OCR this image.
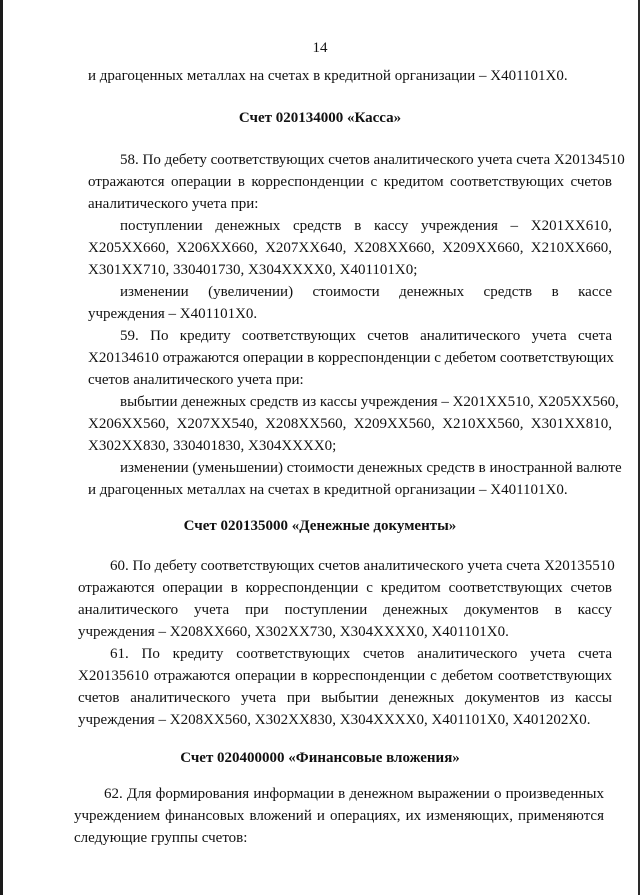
14
и драгоценных металлах на счетах в кредитной организации – Х401101Х0.
Счет 020134000 «Касса»
58. По дебету соответствующих счетов аналитического учета счета Х20134510
отражаются операции в корреспонденции с кредитом соответствующих счетов
аналитического учета при:
поступлении денежных средств в кассу учреждения – Х201ХХ610,
Х205ХХ660, Х206ХХ660, Х207ХХ640, Х208ХХ660, Х209ХХ660, Х210ХХ660,
Х301ХХ710, 330401730, Х304ХХХХ0, Х401101Х0;
изменении (увеличении) стоимости денежных средств в кассе
учреждения – Х401101Х0.
59. По кредиту соответствующих счетов аналитического учета счета
Х20134610 отражаются операции в корреспонденции с дебетом соответствующих
счетов аналитического учета при:
выбытии денежных средств из кассы учреждения – Х201ХХ510, Х205ХХ560,
Х206ХХ560, Х207ХХ540, Х208ХХ560, Х209ХХ560, Х210ХХ560, Х301ХХ810,
Х302ХХ830, 330401830, Х304ХХХХ0;
изменении (уменьшении) стоимости денежных средств в иностранной валюте
и драгоценных металлах на счетах в кредитной организации – Х401101Х0.
Счет 020135000 «Денежные документы»
60. По дебету соответствующих счетов аналитического учета счета Х20135510
отражаются операции в корреспонденции с кредитом соответствующих счетов
аналитического учета при поступлении денежных документов в кассу
учреждения – Х208ХХ660, Х302ХХ730, Х304ХХХХ0, Х401101Х0.
61. По кредиту соответствующих счетов аналитического учета счета
Х20135610 отражаются операции в корреспонденции с дебетом соответствующих
счетов аналитического учета при выбытии денежных документов из кассы
учреждения – Х208ХХ560, Х302ХХ830, Х304ХХХХ0, Х401101Х0, Х401202Х0.
Счет 020400000 «Финансовые вложения»
62. Для формирования информации в денежном выражении о произведенных
учреждением финансовых вложений и операциях, их изменяющих, применяются
следующие группы счетов:
